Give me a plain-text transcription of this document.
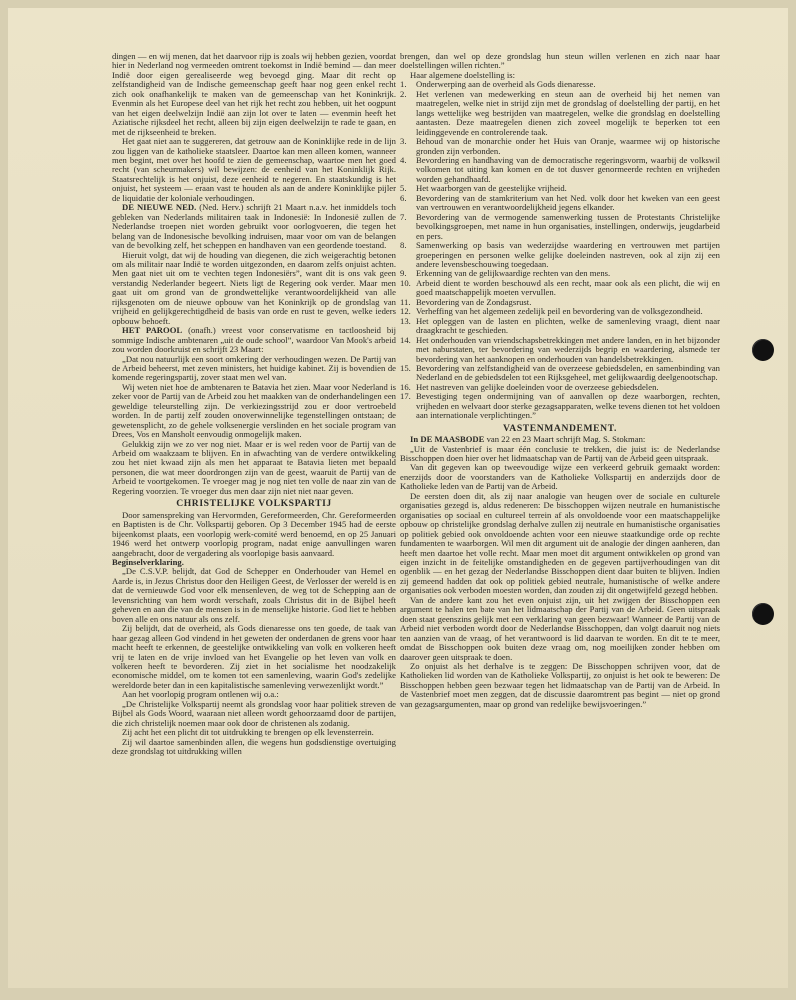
dingen — en wij menen, dat het daarvoor rijp is zoals wij hebben gezien, voordat hier in Nederland nog vermeeden omtrent toekomst in Indië bemind — dan meer Indië door eigen gerealiseerde weg bevoegd ging. Maar dit recht op zelfstandigheid van de Indische gemeenschap geeft haar nog geen enkel recht zich ook onafhankelijk te maken van de gemeenschap van het Koninkrijk. Evenmin als het Europese deel van het rijk het recht zou hebben, uit het oogpunt van het eigen deelwelzijn Indië aan zijn lot over te laten — evenmin heeft het Aziatische rijksdeel het recht, alleen bij zijn eigen deelwelzijn te rade te gaan, en met de rijkseenheid te breken.

Het gaat niet aan te suggereren, dat getrouw aan de Koninklijke rede in de lijn zou liggen van de katholieke staatsleer. Daartoe kan men alleen komen, wanneer men begint, met over het hoofd te zien de gemeenschap, waartoe men het goed recht (van scheurmakers) wil bewijzen: de eenheid van het Koninklijk Rijk. Staatsrechtelijk is het onjuist, deze eenheid te negeren. En staatskundig is het onjuist, het systeem — eraan vast te houden als aan de andere Koninklijke pijler de liquidatie der koloniale verhoudingen.

DE NIEUWE NED. (Ned. Herv.) schrijft 21 Maart n.a.v. het inmiddels toch gebleken van Nederlands militairen taak in Indonesië: In Indonesië zullen de Nederlandse troepen niet worden gebruikt voor oorlogvoeren, die tegen het belang van de Indonesische bevolking indruisen, maar voor om van de belangen van de bevolking zelf, het scheppen en handhaven van een geordende toestand.

Hieruit volgt, dat wij de houding van diegenen, die zich weigerachtig betonen om als militair naar Indië te worden uitgezonden, en daarom zelfs onjuist achten. Men gaat niet uit om te vechten tegen Indonesiërs”, want dit is ons vak geen verstandig Nederlander begeert. Niets ligt de Regering ook verder. Maar men gaat uit om grond van de grondwettelijke verantwoordelijkheid van alle rijksgenoten om de nieuwe opbouw van het Koninkrijk op de grondslag van vrijheid en gelijkgerechtigdheid de basis van orde en rust te geven, welke ieders opbouw behoeft.

HET PAROOL (onafh.) vreest voor conservatisme en tactloosheid bij sommige Indische ambtenaren „uit de oude school”, waardoor Van Mook's arbeid zou worden doorkruist en schrijft 23 Maart:

„Dat nou natuurlijk een soort omkering der verhoudingen wezen. De Partij van de Arbeid beheerst, met zeven ministers, het huidige kabinet. Zij is bovendien de komende regeringspartij, zover staat men wel van.

Wij weten niet hoe de ambtenaren te Batavia het zien. Maar voor Nederland is zeker voor de Partij van de Arbeid zou het maakken van de onderhandelingen een geweldige teleurstelling zijn. De verkiezingsstrijd zou er door vertroebeld worden. In de partij zelf zouden onoverwinnelijke tegenstellingen ontstaan; de gewetensplicht, zo de gehele volksenergie verslinden en het sociale program van Drees, Vos en Mansholt eenvoudig onmogelijk maken.

Gelukkig zijn we zo ver nog niet. Maar er is wel reden voor de Partij van de Arbeid om waakzaam te blijven. En in afwachting van de verdere ontwikkeling zou het niet kwaad zijn als men het apparaat te Batavia lieten met bepaald personen, die wat meer doordrongen zijn van de geest, waaruit de Partij van de Arbeid te voortgekomen. Te vroeger mag je nog niet ten volle de naar zin van de Regering voorzien. Te vroeger dus men daar zijn niet niet naar geven.

CHRISTELIJKE VOLKSPARTIJ

Door samenspreking van Hervormden, Gereformeerden, Chr. Gereformeerden en Baptisten is de Chr. Volkspartij geboren. Op 3 December 1945 had de eerste bijeenkomst plaats, een voorlopig werk-comité werd benoemd, en op 25 Januari 1946 werd het ontwerp voorlopig program, nadat enige aanvullingen waren aangebracht, door de vergadering als voorlopige basis aanvaard.

Beginselverklaring.

„De C.S.V.P. belijdt, dat God de Schepper en Onderhouder van Hemel en Aarde is, in Jezus Christus door den Heiligen Geest, de Verlosser der wereld is en dat de vernieuwde God voor elk mensenleven, de weg tot de Schepping aan de levensrichting van hem wordt verschaft, zoals Christus dit in de Bijbel heeft geheven en aan die van de mensen is in de menselijke historie. God liet te hebben boven alle en ons natuur als ons zelf.

Zij belijdt, dat de overheid, als Gods dienaresse ons ten goede, de taak van haar gezag alleen God vindend in het geweten der onderdanen de grens voor haar macht heeft te erkennen, de geestelijke ontwikkeling van volk en volkeren heeft vrij te laten en de vrije invloed van het Evangelie op het leven van volk en volkeren heeft te bevorderen. Zij ziet in het socialisme het noodzakelijk economische middel, om te komen tot een samenleving, waarin God's zedelijke wereldorde beter dan in een kapitalistische samenleving verwezenlijkt wordt.”

Aan het voorlopig program ontlenen wij o.a.:

„De Christelijke Volkspartij neemt als grondslag voor haar politiek streven de Bijbel als Gods Woord, waaraan niet alleen wordt gehoorzaamd door de partijen, die zich christelijk noemen maar ook door de christenen als zodanig.

Zij acht het een plicht dit tot uitdrukking te brengen op elk levensterrein.

Zij wil daartoe samenbinden allen, die wegens hun godsdienstige overtuiging deze grondslag tot uitdrukking willen

brengen, dan wel op deze grondslag hun steun willen verlenen en zich naar haar doelstellingen willen richten.”

Haar algemene doelstelling is:

1.	Onderwerping aan de overheid als Gods dienaresse.
2.	Het verlenen van medewerking en steun aan de overheid bij het nemen van maatregelen, welke niet in strijd zijn met de grondslag of doelstelling der partij, en het langs wettelijke weg bestrijden van maatregelen, welke die grondslag en doelstelling aantasten. Deze maatregelen dienen zich zoveel mogelijk te beperken tot een leidinggevende en controlerende taak.
3.	Behoud van de monarchie onder het Huis van Oranje, waarmee wij op historische gronden zijn verbonden.
4.	Bevordering en handhaving van de democratische regeringsvorm, waarbij de volkswil volkomen tot uiting kan komen en de tot dusver genormeerde rechten en vrijheden worden gehandhaafd.
5.	Het waarborgen van de geestelijke vrijheid.
6.	Bevordering van de stamkriterium van het Ned. volk door het kweken van een geest van vertrouwen en verantwoordelijkheid jegens elkander.
7.	Bevordering van de vermogende samenwerking tussen de Protestants Christelijke bevolkingsgroepen, met name in hun organisaties, instellingen, onderwijs, jeugdarbeid en pers.
8.	Samenwerking op basis van wederzijdse waardering en vertrouwen met partijen groeperingen en personen welke gelijke doeleinden nastreven, ook al zijn zij een andere levensbeschouwing toegedaan.
9.	Erkenning van de gelijkwaardige rechten van den mens.
10. Arbeid dient te worden beschouwd als een recht, maar ook als een plicht, die wij en goed maatschappelijk moeten vervullen.
11. Bevordering van de Zondagsrust.
12. Verheffing van het algemeen zedelijk peil en bevordering van de volksgezondheid.
13. Het opleggen van de lasten en plichten, welke de samenleving vraagt, dient naar draagkracht te geschieden.
14. Het onderhouden van vriendschapsbetrekkingen met andere landen, en in het bijzonder met naburstaten, ter bevordering van wederzijds begrip en waardering, alsmede ter bevordering van het aanknopen en onderhouden van handelsbetrekkingen.
15. Bevordering van zelfstandigheid van de overzeese gebiedsdelen, en samenbinding van Nederland en de gebiedsdelen tot een Rijksgeheel, met gelijkwaardig deelgenootschap.
16. Het nastreven van gelijke doeleinden voor de overzeese gebiedsdelen.
17. Bevestiging tegen ondermijning van of aanvallen op deze waarborgen, rechten, vrijheden en welvaart door sterke gezagsapparaten, welke tevens dienen tot het voldoen aan internationale verplichtingen.”
VASTENMANDEMENT.

In DE MAASBODE van 22 en 23 Maart schrijft Mag. S. Stokman:

„Uit de Vastenbrief is maar één conclusie te trekken, die juist is: de Nederlandse Bisschoppen doen hier over het lidmaatschap van de Partij van de Arbeid geen uitspraak.

Van dit gegeven kan op tweevoudige wijze een verkeerd gebruik gemaakt worden: enerzijds door de voorstanders van de Katholieke Volkspartij en anderzijds door de Katholieke leden van de Partij van de Arbeid.

De eersten doen dit, als zij naar analogie van heugen over de sociale en culturele organisaties gezegd is, aldus redeneren: De bisschoppen wijzen neutrale en humanistische organisaties op sociaal en cultureel terrein af als onvoldoende voor een maatschappelijke opbouw op christelijke grondslag derhalve zullen zij neutrale en humanistische organisaties op politiek gebied ook onvoldoende achten voor een nieuwe staatkundige orde op rechte fundamenten te waarborgen. Wil men dit argument uit de analogie der dingen aanheren, dan heeft men daartoe het volle recht. Maar men moet dit argument ontwikkelen op grond van eigen inzicht in de feitelijke omstandigheden en de gegeven partijverhoudingen van dit ogenblik — en het gezag der Nederlandse Bisschoppen dient daar buiten te blijven. Indien zij gemeend hadden dat ook op politiek gebied neutrale, humanistische of welke andere organisaties ook verboden moesten worden, dan zouden zij dit ongetwijfeld gezegd hebben.

Van de andere kant zou het even onjuist zijn, uit het zwijgen der Bisschoppen een argument te halen ten bate van het lidmaatschap der Partij van de Arbeid. Geen uitspraak doen staat geenszins gelijk met een verklaring van geen bezwaar! Wanneer de Partij van de Arbeid niet verboden wordt door de Nederlandse Bisschoppen, dan volgt daaruit nog niets ten aanzien van de vraag, of het verantwoord is lid daarvan te worden. En dit te te meer, omdat de Bisschoppen ook buiten deze vraag om, nog moeilijken zonder hebben om daarover geen uitspraak te doen.

Zo onjuist als het derhalve is te zeggen: De Bisschoppen schrijven voor, dat de Katholieken lid worden van de Katholieke Volkspartij, zo onjuist is het ook te beweren: De Bisschoppen hebben geen bezwaar tegen het lidmaatschap van de Partij van de Arbeid. In de Vastenbrief moet men zeggen, dat de discussie daaromtrent pas begint — niet op grond van gezagsargumenten, maar op grond van redelijke bewijsvoeringen.”
